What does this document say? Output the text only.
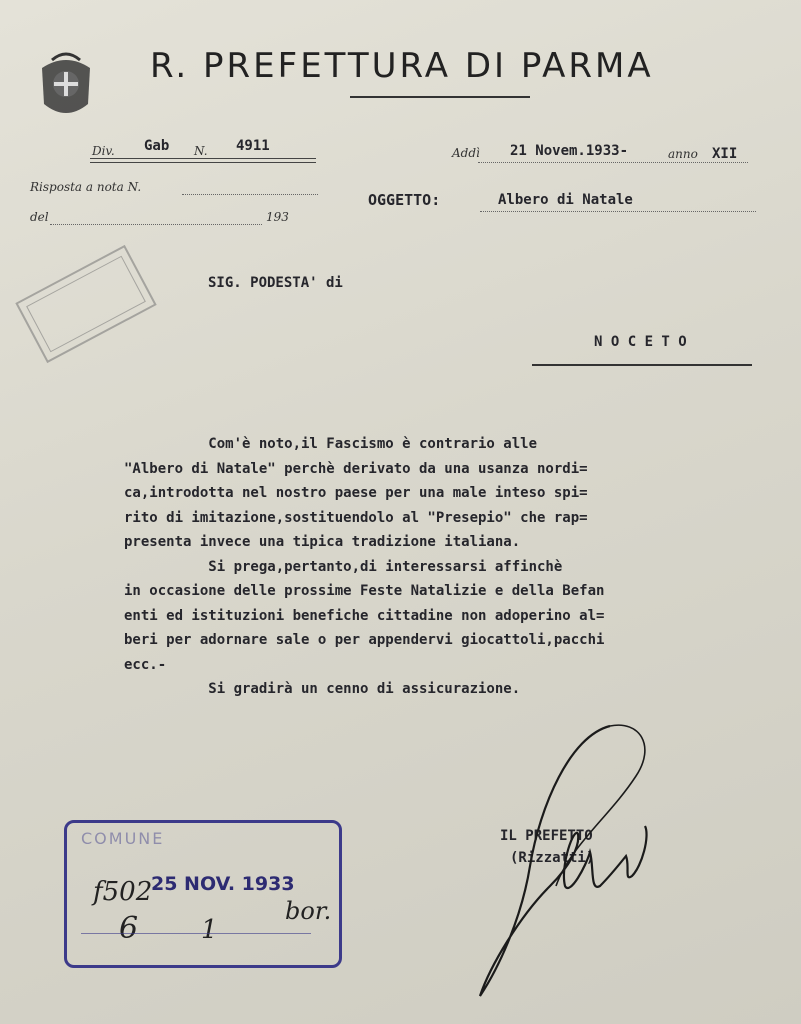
R. PREFETTURA DI PARMA
Div. Gab N. 4911	Addì 21 Novem.1933-	anno XII
Risposta a nota N.
del	193
OGGETTO:	Albero di Natale
SIG. PODESTA' di
N O C E T O

Com'è noto,il Fascismo è contrario alle

"Albero di Natale" perchè derivato da una usanza nordi=

ca,introdotta nel nostro paese per una male inteso spi=

rito di imitazione,sostituendolo al "Presepio" che rap=

presenta invece una tipica tradizione italiana.

Si prega,pertanto,di interessarsi affinchè

in occasione delle prossime Feste Natalizie e della Befan

enti ed istituzioni benefiche cittadine non adoperino al=

beri per adornare sale o per appendervi giocattoli,pacchi

ecc.-

Si gradirà un cenno di assicurazione.

IL PREFETTO
(Rizzatti)
COMUNE
25 NOV. 1933
f502
6 1
bor.
